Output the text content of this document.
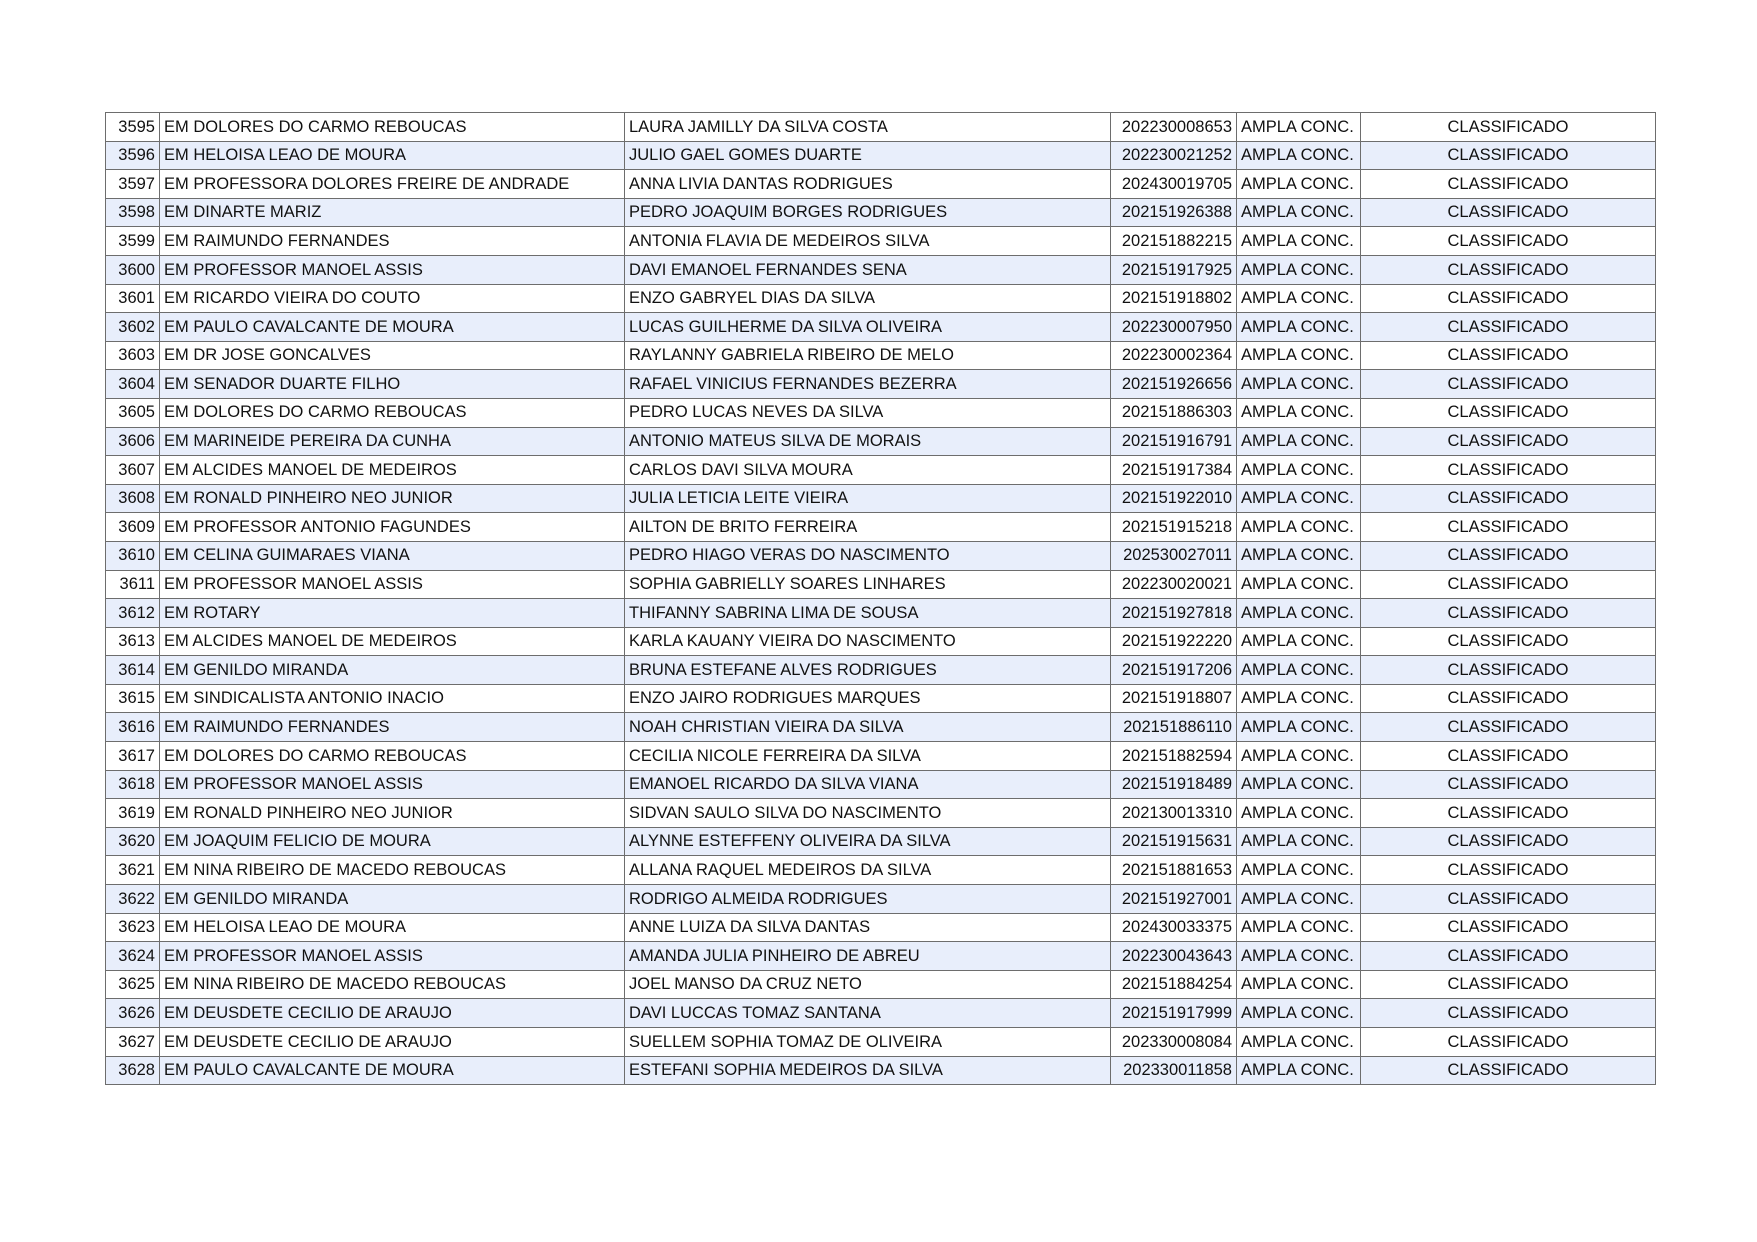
3595	EM DOLORES DO CARMO REBOUCAS	LAURA JAMILLY DA SILVA COSTA	202230008653	AMPLA CONC.	CLASSIFICADO
3596	EM HELOISA LEAO DE MOURA	JULIO GAEL GOMES DUARTE	202230021252	AMPLA CONC.	CLASSIFICADO
3597	EM PROFESSORA DOLORES FREIRE DE ANDRADE	ANNA LIVIA DANTAS RODRIGUES	202430019705	AMPLA CONC.	CLASSIFICADO
3598	EM DINARTE MARIZ	PEDRO JOAQUIM BORGES RODRIGUES	202151926388	AMPLA CONC.	CLASSIFICADO
3599	EM RAIMUNDO FERNANDES	ANTONIA FLAVIA DE MEDEIROS SILVA	202151882215	AMPLA CONC.	CLASSIFICADO
3600	EM PROFESSOR MANOEL ASSIS	DAVI EMANOEL FERNANDES SENA	202151917925	AMPLA CONC.	CLASSIFICADO
3601	EM RICARDO VIEIRA DO COUTO	ENZO GABRYEL DIAS DA SILVA	202151918802	AMPLA CONC.	CLASSIFICADO
3602	EM PAULO CAVALCANTE DE MOURA	LUCAS GUILHERME DA SILVA OLIVEIRA	202230007950	AMPLA CONC.	CLASSIFICADO
3603	EM DR JOSE GONCALVES	RAYLANNY GABRIELA RIBEIRO DE MELO	202230002364	AMPLA CONC.	CLASSIFICADO
3604	EM SENADOR DUARTE FILHO	RAFAEL VINICIUS FERNANDES BEZERRA	202151926656	AMPLA CONC.	CLASSIFICADO
3605	EM DOLORES DO CARMO REBOUCAS	PEDRO LUCAS NEVES DA SILVA	202151886303	AMPLA CONC.	CLASSIFICADO
3606	EM MARINEIDE PEREIRA DA CUNHA	ANTONIO MATEUS SILVA DE MORAIS	202151916791	AMPLA CONC.	CLASSIFICADO
3607	EM ALCIDES MANOEL DE MEDEIROS	CARLOS DAVI SILVA MOURA	202151917384	AMPLA CONC.	CLASSIFICADO
3608	EM RONALD PINHEIRO NEO JUNIOR	JULIA LETICIA LEITE VIEIRA	202151922010	AMPLA CONC.	CLASSIFICADO
3609	EM PROFESSOR ANTONIO FAGUNDES	AILTON DE BRITO FERREIRA	202151915218	AMPLA CONC.	CLASSIFICADO
3610	EM CELINA GUIMARAES VIANA	PEDRO HIAGO VERAS DO NASCIMENTO	202530027011	AMPLA CONC.	CLASSIFICADO
3611	EM PROFESSOR MANOEL ASSIS	SOPHIA GABRIELLY SOARES LINHARES	202230020021	AMPLA CONC.	CLASSIFICADO
3612	EM ROTARY	THIFANNY SABRINA LIMA DE SOUSA	202151927818	AMPLA CONC.	CLASSIFICADO
3613	EM ALCIDES MANOEL DE MEDEIROS	KARLA KAUANY VIEIRA DO NASCIMENTO	202151922220	AMPLA CONC.	CLASSIFICADO
3614	EM GENILDO MIRANDA	BRUNA ESTEFANE ALVES RODRIGUES	202151917206	AMPLA CONC.	CLASSIFICADO
3615	EM SINDICALISTA ANTONIO INACIO	ENZO JAIRO RODRIGUES MARQUES	202151918807	AMPLA CONC.	CLASSIFICADO
3616	EM RAIMUNDO FERNANDES	NOAH CHRISTIAN VIEIRA DA SILVA	202151886110	AMPLA CONC.	CLASSIFICADO
3617	EM DOLORES DO CARMO REBOUCAS	CECILIA NICOLE FERREIRA DA SILVA	202151882594	AMPLA CONC.	CLASSIFICADO
3618	EM PROFESSOR MANOEL ASSIS	EMANOEL RICARDO DA SILVA VIANA	202151918489	AMPLA CONC.	CLASSIFICADO
3619	EM RONALD PINHEIRO NEO JUNIOR	SIDVAN SAULO SILVA DO NASCIMENTO	202130013310	AMPLA CONC.	CLASSIFICADO
3620	EM JOAQUIM FELICIO DE MOURA	ALYNNE ESTEFFENY OLIVEIRA DA SILVA	202151915631	AMPLA CONC.	CLASSIFICADO
3621	EM NINA RIBEIRO DE MACEDO REBOUCAS	ALLANA RAQUEL MEDEIROS DA SILVA	202151881653	AMPLA CONC.	CLASSIFICADO
3622	EM GENILDO MIRANDA	RODRIGO ALMEIDA RODRIGUES	202151927001	AMPLA CONC.	CLASSIFICADO
3623	EM HELOISA LEAO DE MOURA	ANNE LUIZA DA SILVA DANTAS	202430033375	AMPLA CONC.	CLASSIFICADO
3624	EM PROFESSOR MANOEL ASSIS	AMANDA JULIA PINHEIRO DE ABREU	202230043643	AMPLA CONC.	CLASSIFICADO
3625	EM NINA RIBEIRO DE MACEDO REBOUCAS	JOEL MANSO DA CRUZ NETO	202151884254	AMPLA CONC.	CLASSIFICADO
3626	EM DEUSDETE CECILIO DE ARAUJO	DAVI LUCCAS TOMAZ SANTANA	202151917999	AMPLA CONC.	CLASSIFICADO
3627	EM DEUSDETE CECILIO DE ARAUJO	SUELLEM SOPHIA TOMAZ DE OLIVEIRA	202330008084	AMPLA CONC.	CLASSIFICADO
3628	EM PAULO CAVALCANTE DE MOURA	ESTEFANI SOPHIA MEDEIROS DA SILVA	202330011858	AMPLA CONC.	CLASSIFICADO
